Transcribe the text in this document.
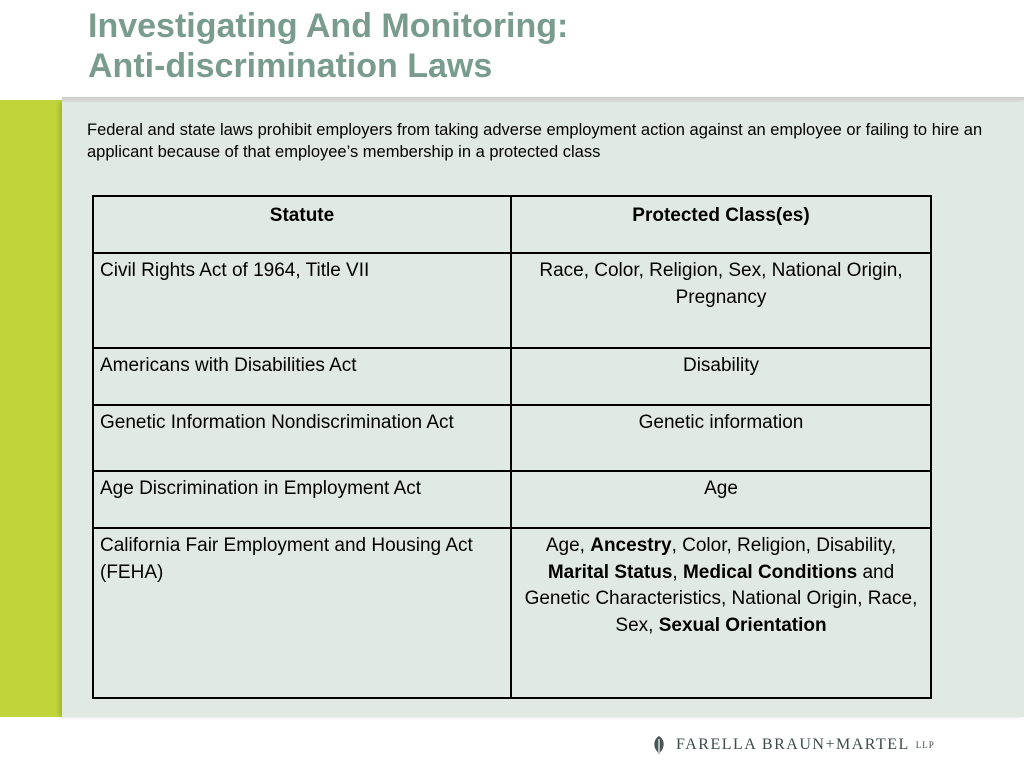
Investigating And Monitoring:
Anti-discrimination Laws

Federal and state laws prohibit employers from taking adverse employment action against an employee or failing to hire an applicant because of that employee’s membership in a protected class

Statute	Protected Class(es)
Civil Rights Act of 1964, Title VII	Race, Color, Religion, Sex, National Origin, Pregnancy
Americans with Disabilities Act	Disability
Genetic Information Nondiscrimination Act	Genetic information
Age Discrimination in Employment Act	Age
California Fair Employment and Housing Act (FEHA)	Age, Ancestry, Color, Religion, Disability, Marital Status, Medical Conditions and Genetic Characteristics, National Origin, Race, Sex, Sexual Orientation
FARELLA BRAUN+MARTEL LLP
